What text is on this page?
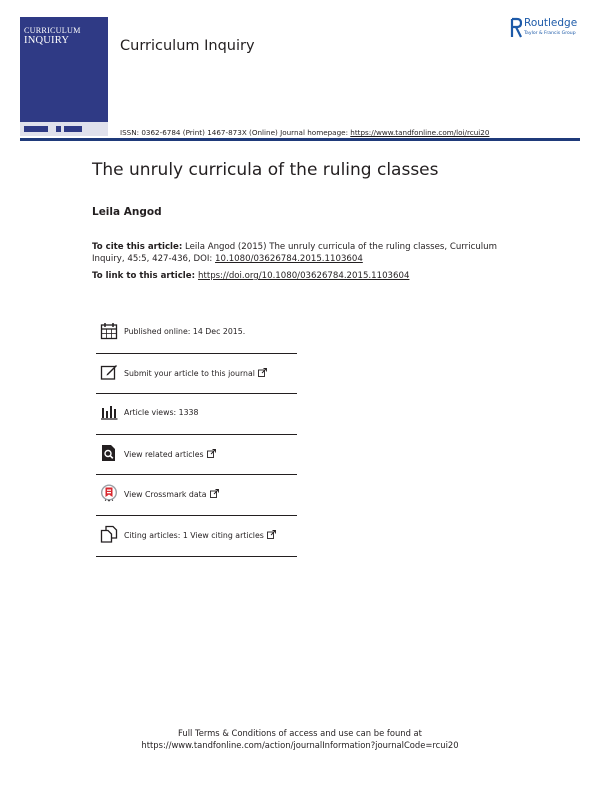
CURRICULUM
INQUIRY	Curriculum Inquiry
Routledge
Taylor & Francis Group
ISSN: 0362-6784 (Print) 1467-873X (Online) Journal homepage: https://www.tandfonline.com/loi/rcui20
The unruly curricula of the ruling classes
Leila Angod
To cite this article: Leila Angod (2015) The unruly curricula of the ruling classes, Curriculum Inquiry, 45:5, 427-436, DOI: 10.1080/03626784.2015.1103604
To link to this article: https://doi.org/10.1080/03626784.2015.1103604
Published online: 14 Dec 2015.
Submit your article to this journal
Article views: 1338
View related articles
View Crossmark data
Citing articles: 1 View citing articles
Full Terms & Conditions of access and use can be found at
https://www.tandfonline.com/action/journalInformation?journalCode=rcui20
